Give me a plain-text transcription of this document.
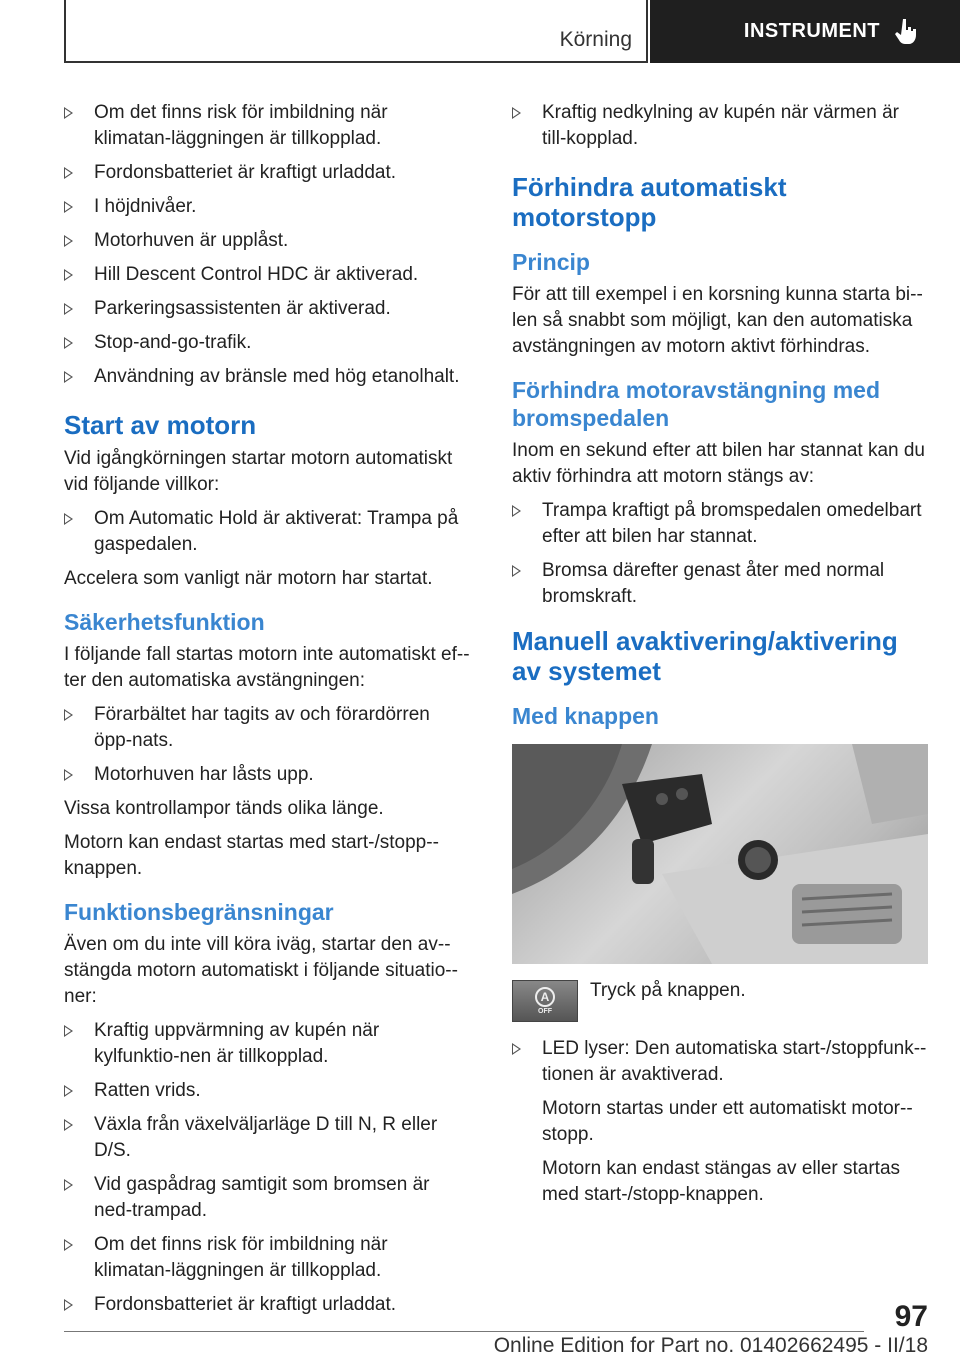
Körning	INSTRUMENT
Om det finns risk för imbildning när klimatan-läggningen är tillkopplad.
Fordonsbatteriet är kraftigt urladdat.
I höjdnivåer.
Motorhuven är upplåst.
Hill Descent Control HDC är aktiverad.
Parkeringsassistenten är aktiverad.
Stop-and-go-trafik.
Användning av bränsle med hög etanolhalt.
Start av motorn

Vid igångkörningen startar motorn automatiskt vid följande villkor:

Om Automatic Hold är aktiverat: Trampa på gaspedalen.

Accelera som vanligt när motorn har startat.

Säkerhetsfunktion

I följande fall startas motorn inte automatiskt ef-ter den automatiska avstängningen:

Förarbältet har tagits av och förardörren öpp-nats.
Motorhuven har låsts upp.

Vissa kontrollampor tänds olika länge.

Motorn kan endast startas med start-/stopp-knappen.

Funktionsbegränsningar

Även om du inte vill köra iväg, startar den av-stängda motorn automatiskt i följande situatio-ner:

Kraftig uppvärmning av kupén när kylfunktio-nen är tillkopplad.
Ratten vrids.
Växla från växelväljarläge D till N, R eller D/S.
Vid gaspådrag samtigit som bromsen är ned-trampad.
Om det finns risk för imbildning när klimatan-läggningen är tillkopplad.
Fordonsbatteriet är kraftigt urladdat.
Kraftig nedkylning av kupén när värmen är till-kopplad.
Förhindra automatiskt motorstopp
Princip

För att till exempel i en korsning kunna starta bi-len så snabbt som möjligt, kan den automatiska avstängningen av motorn aktivt förhindras.

Förhindra motoravstängning med bromspedalen

Inom en sekund efter att bilen har stannat kan du aktiv förhindra att motorn stängs av:

Trampa kraftigt på bromspedalen omedelbart efter att bilen har stannat.
Bromsa därefter genast åter med normal bromskraft.
Manuell avaktivering/aktivering av systemet
Med knappen
A
OFF

Tryck på knappen.

LED lyser: Den automatiska start-/stoppfunk-tionen är avaktiverad.

Motorn startas under ett automatiskt motor-stopp.

Motorn kan endast stängas av eller startas med start-/stopp-knappen.

97
Online Edition for Part no. 01402662495 - II/18
